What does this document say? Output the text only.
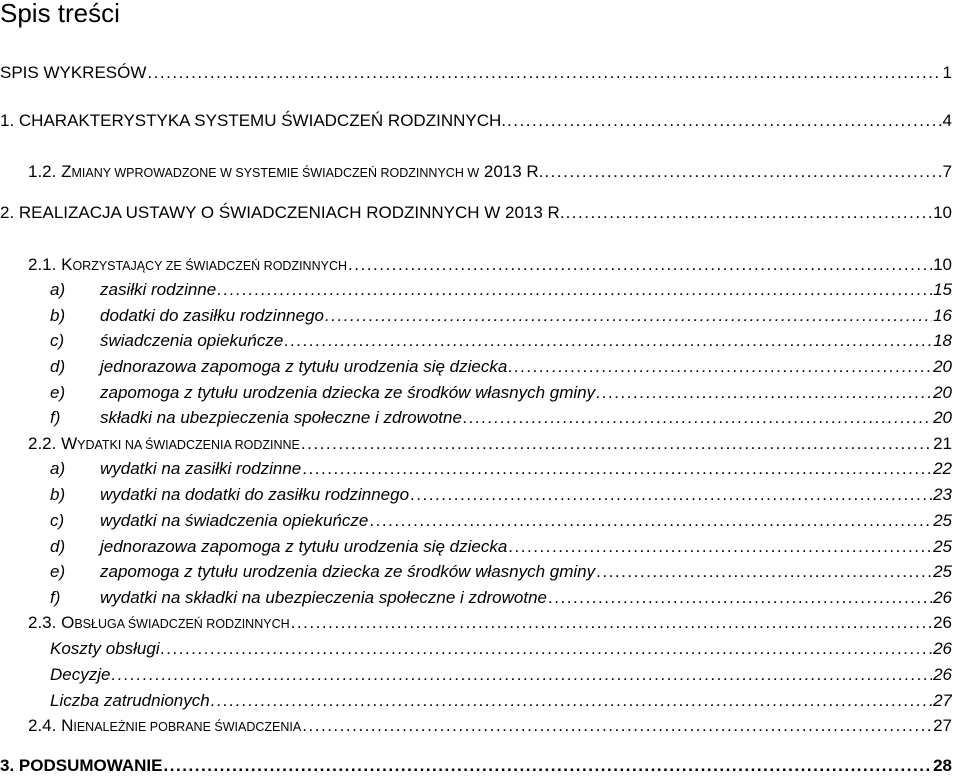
Spis treści
SPIS WYKRESÓW . . .	1
1. CHARAKTERYSTYKA SYSTEMU ŚWIADCZEŃ RODZINNYCH. . . .	4
1.2. ZMIANY WPROWADZONE W SYSTEMIE ŚWIADCZEŃ RODZINNYCH W 2013 R. . . .	7
2. REALIZACJA USTAWY O ŚWIADCZENIACH RODZINNYCH W 2013 R. . . .	10
2.1. KORZYSTAJĄCY ZE ŚWIADCZEŃ RODZINNYCH . . .	10
a) zasiłki rodzinne . . .	15
b) dodatki do zasiłku rodzinnego . . .	16
c) świadczenia opiekuńcze . . .	18
d) jednorazowa zapomoga z tytułu urodzenia się dziecka . . .	20
e) zapomoga z tytułu urodzenia dziecka ze środków własnych gminy . . .	20
f) składki na ubezpieczenia społeczne i zdrowotne . . .	20
2.2. WYDATKI NA ŚWIADCZENIA RODZINNE . . .	21
a) wydatki na zasiłki rodzinne . . .	22
b) wydatki na dodatki do zasiłku rodzinnego . . .	23
c) wydatki na świadczenia opiekuńcze . . .	25
d) jednorazowa zapomoga z tytułu urodzenia się dziecka . . .	25
e) zapomoga z tytułu urodzenia dziecka ze środków własnych gminy . . .	25
f) wydatki na składki na ubezpieczenia społeczne i zdrowotne . . .	26
2.3. OBSŁUGA ŚWIADCZEŃ RODZINNYCH . . .	26
Koszty obsługi . . .	26
Decyzje . . .	26
Liczba zatrudnionych . . .	27
2.4. NIENALEŻNIE POBRANE ŚWIADCZENIA . . .	27
3. PODSUMOWANIE . . .	28
